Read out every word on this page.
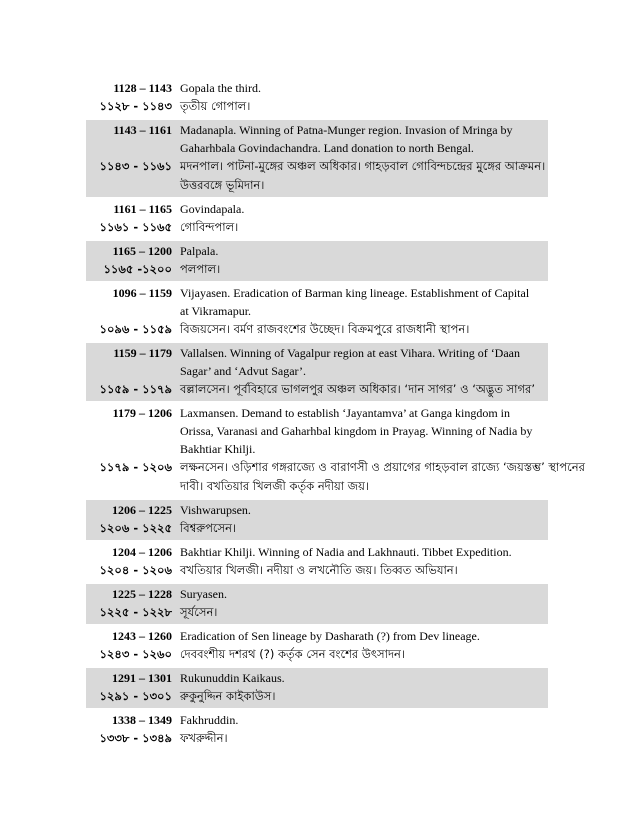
1128 – 1143 Gopala the third.
১১২৮ - ১১৪৩ তৃতীয় গোপাল।
1143 – 1161 Madanapla. Winning of Patna-Munger region. Invasion of Mringa by
Gaharhbala Govindachandra. Land donation to north Bengal.
১১৪৩ - ১১৬১ মদনপাল। পাটনা-মুঙ্গের অঞ্চল অধিকার। গাহড়বাল গোবিন্দচন্দ্রের মুঙ্গের আক্রমন।
উত্তরবঙ্গে ভূমিদান।
1161 – 1165 Govindapala.
১১৬১ - ১১৬৫ গোবিন্দপাল।
1165 – 1200 Palpala.
১১৬৫ -১২০০ পলপাল।
1096 – 1159 Vijayasen. Eradication of Barman king lineage. Establishment of Capital
at Vikramapur.
১০৯৬ - ১১৫৯ বিজয়সেন। বর্মণ রাজবংশের উচ্ছেদ। বিক্রমপুরে রাজধানী স্থাপন।
1159 – 1179 Vallalsen. Winning of Vagalpur region at east Vihara. Writing of ‘Daan
Sagar’ and ‘Advut Sagar’.
১১৫৯ - ১১৭৯ বল্লালসেন। পূর্ববিহারে ভাগলপুর অঞ্চল অধিকার। ‘দান সাগর’ ও ‘অদ্ভুত সাগর’
1179 – 1206 Laxmansen. Demand to establish ‘Jayantamva’ at Ganga kingdom in
Orissa, Varanasi and Gaharhbal kingdom in Prayag. Winning of Nadia by
Bakhtiar Khilji.
১১৭৯ - ১২০৬ লক্ষনসেন। ওড়িশার গঙ্গরাজ্যে ও বারাণসী ও প্রয়াগের গাহড়বাল রাজ্যে ‘জয়স্তম্ভ’ স্থাপনের
দাবী। বখতিয়ার খিলজী কর্তৃক নদীয়া জয়।
1206 – 1225 Vishwarupsen.
১২০৬ - ১২২৫ বিশ্বরুপসেন।
1204 – 1206 Bakhtiar Khilji. Winning of Nadia and Lakhnauti. Tibbet Expedition.
১২০৪ - ১২০৬ বখতিয়ার খিলজী। নদীয়া ও লখনৌতি জয়। তিব্বত অভিযান।
1225 – 1228 Suryasen.
১২২৫ - ১২২৮ সূর্যসেন।
1243 – 1260 Eradication of Sen lineage by Dasharath (?) from Dev lineage.
১২৪৩ - ১২৬০ দেববংশীয় দশরথ (?) কর্তৃক সেন বংশের উৎসাদন।
1291 – 1301 Rukunuddin Kaikaus.
১২৯১ - ১৩০১ রুকুনুদ্দিন কাইকাউস।
1338 – 1349 Fakhruddin.
১৩৩৮ - ১৩৪৯ ফখরুদ্দীন।
